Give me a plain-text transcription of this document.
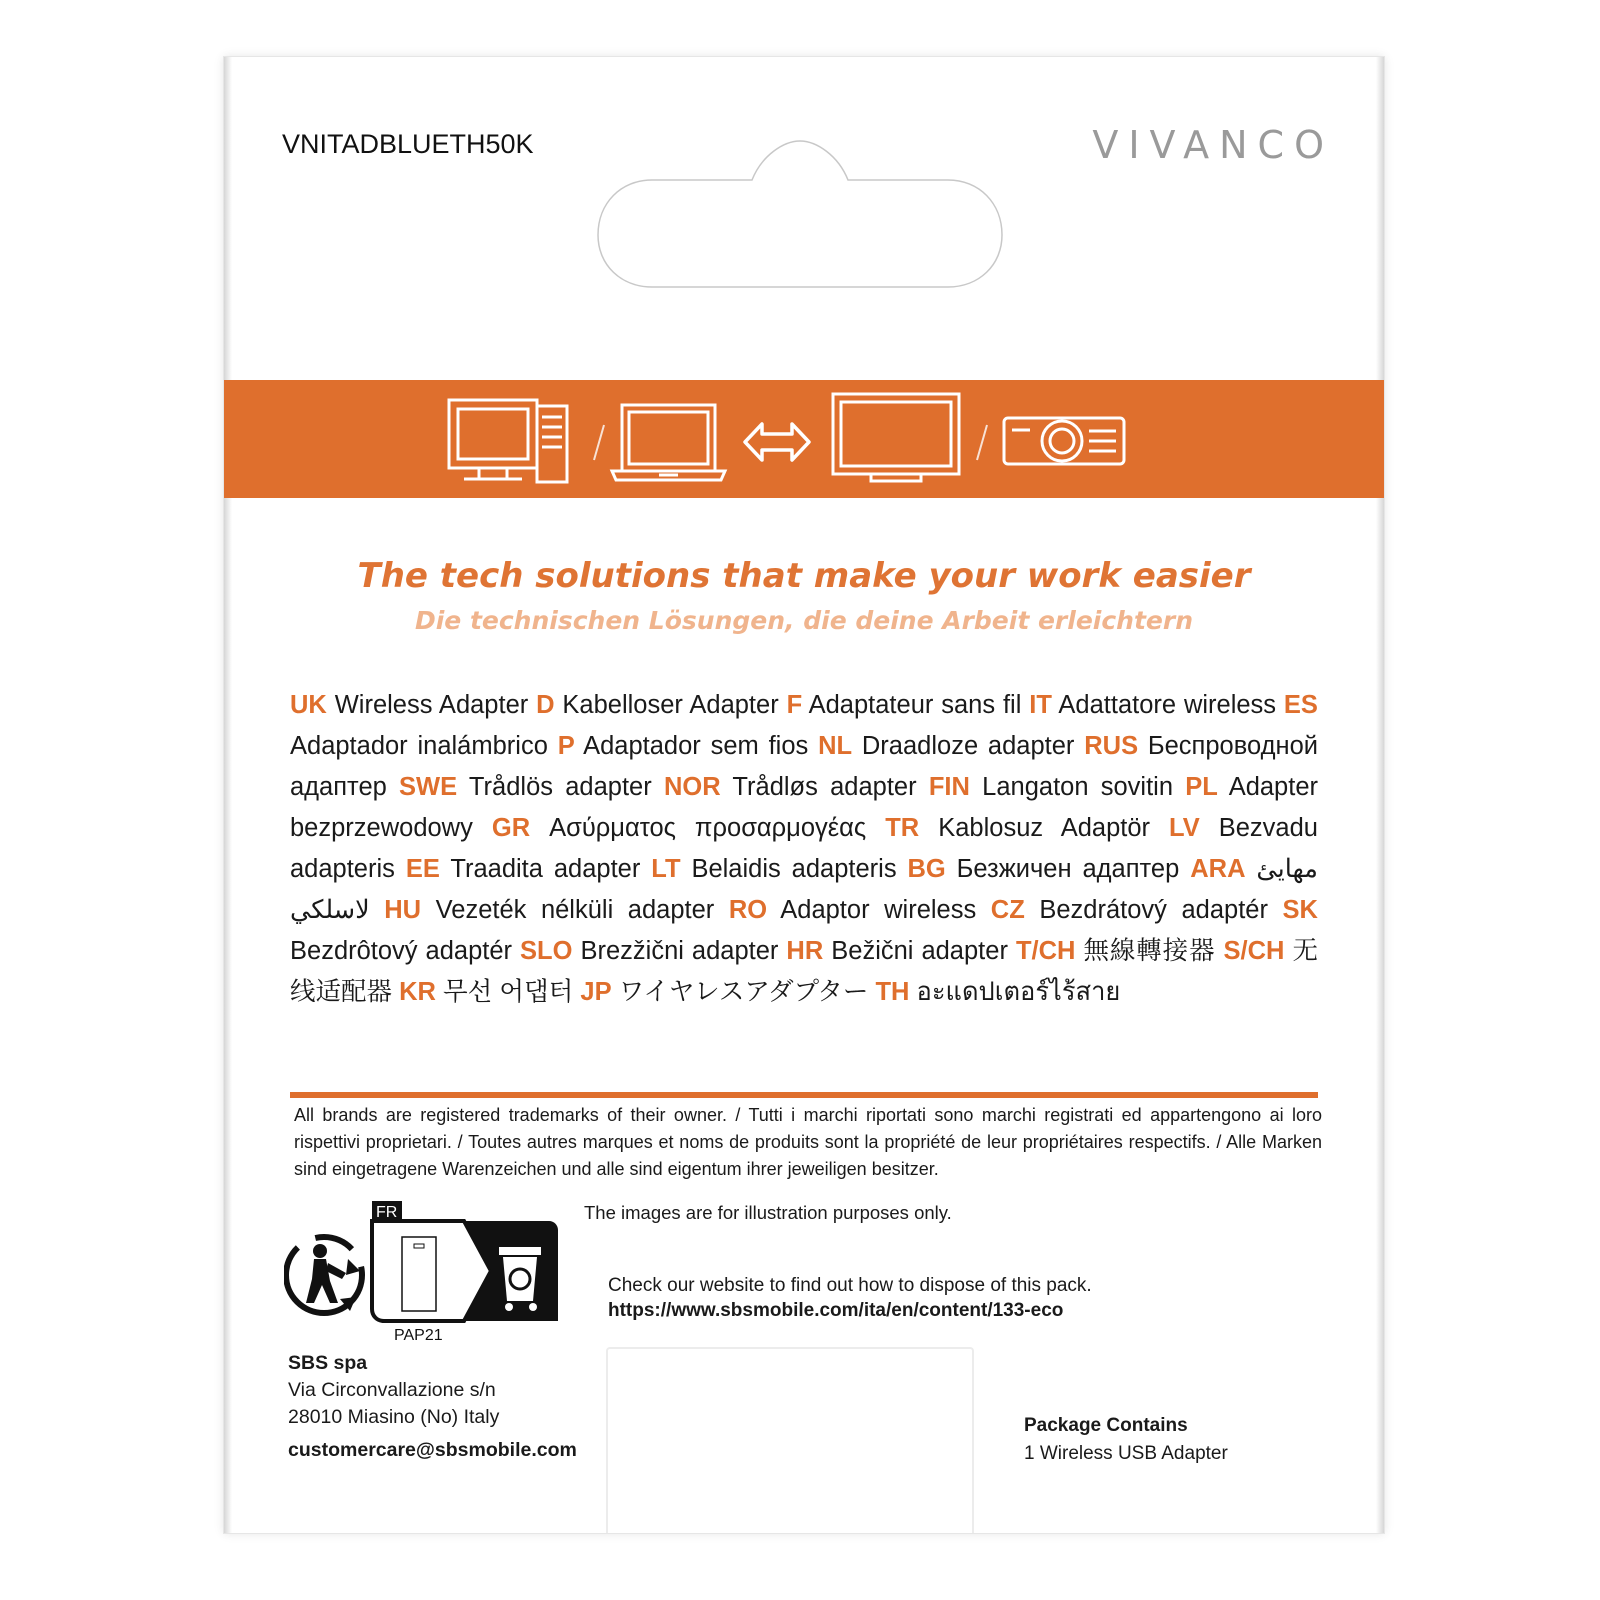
VNITADBLUETH50K	VIVANCO
The tech solutions that make your work easier
Die technischen Lösungen, die deine Arbeit erleichtern
UK Wireless Adapter D Kabelloser Adapter F Adaptateur sans fil IT Adattatore wireless ES Adaptador inalámbrico P Adaptador sem fios NL Draadloze adapter RUS Беспроводной адаптер SWE Trådlös adapter NOR Trådløs adapter FIN Langaton sovitin PL Adapter bezprzewodowy GR Ασύρματος προσαρμογέας TR Kablosuz Adaptör LV Bezvadu adapteris EE Traadita adapter LT Belaidis adapteris BG Безжичен адаптер ARA مهايئ لاسلكي HU Vezeték nélküli adapter RO Adaptor wireless CZ Bezdrátový adaptér SK Bezdrôtový adaptér SLO Brezžični adapter HR Bežični adapter T/CH 無線轉接器 S/CH 无线适配器 KR 무선 어댑터 JP ワイヤレスアダプター TH อะแดปเตอร์ไร้สาย
All brands are registered trademarks of their owner. / Tutti i marchi riportati sono marchi registrati ed appartengono ai loro rispettivi proprietari. / Toutes autres marques et noms de produits sont la propriété de leur propriétaires respectifs. / Alle Marken sind eingetragene Warenzeichen und alle sind eigentum ihrer jeweiligen besitzer.
The images are for illustration purposes only.
FR
PAP21
Check our website to find out how to dispose of this pack.
https://www.sbsmobile.com/ita/en/content/133-eco
SBS spa
Via Circonvallazione s/n
28010 Miasino (No) Italy
customercare@sbsmobile.com
Package Contains
1 Wireless USB Adapter
